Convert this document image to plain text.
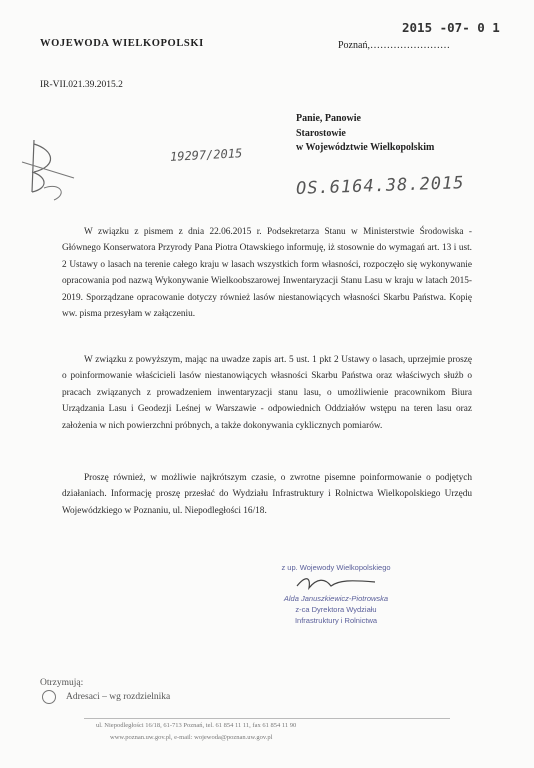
WOJEWODA WIELKOPOLSKI	Poznań,……………………
2015 -07- 0 1
IR-VII.021.39.2015.2
Panie, Panowie
Starostowie
w Województwie Wielkopolskim
19297/2015
OS.6164.38.2015
W związku z pismem z dnia 22.06.2015 r. Podsekretarza Stanu w Ministerstwie Środowiska - Głównego Konserwatora Przyrody Pana Piotra Otawskiego informuję, iż stosownie do wymagań art. 13 i ust. 2 Ustawy o lasach na terenie całego kraju w lasach wszystkich form własności, rozpoczęło się wykonywanie opracowania pod nazwą Wykonywanie Wielkoobszarowej Inwentaryzacji Stanu Lasu w kraju w latach 2015-2019. Sporządzane opracowanie dotyczy również lasów niestanowiących własności Skarbu Państwa. Kopię ww. pisma przesyłam w załączeniu.
W związku z powyższym, mając na uwadze zapis art. 5 ust. 1 pkt 2 Ustawy o lasach, uprzejmie proszę o poinformowanie właścicieli lasów niestanowiących własności Skarbu Państwa oraz właściwych służb o pracach związanych z prowadzeniem inwentaryzacji stanu lasu, o umożliwienie pracownikom Biura Urządzania Lasu i Geodezji Leśnej w Warszawie - odpowiednich Oddziałów wstępu na teren lasu oraz założenia w nich powierzchni próbnych, a także dokonywania cyklicznych pomiarów.
Proszę również, w możliwie najkrótszym czasie, o zwrotne pisemne poinformowanie o podjętych działaniach. Informację proszę przesłać do Wydziału Infrastruktury i Rolnictwa Wielkopolskiego Urzędu Wojewódzkiego w Poznaniu, ul. Niepodległości 16/18.
z up. Wojewody Wielkopolskiego
Alda Januszkiewicz-Piotrowska
z-ca Dyrektora Wydziału
Infrastruktury i Rolnictwa
Otrzymują:
Adresaci – wg rozdzielnika
ul. Niepodległości 16/18, 61-713 Poznań, tel. 61 854 11 11, fax 61 854 11 90
www.poznan.uw.gov.pl, e-mail: wojewoda@poznan.uw.gov.pl
